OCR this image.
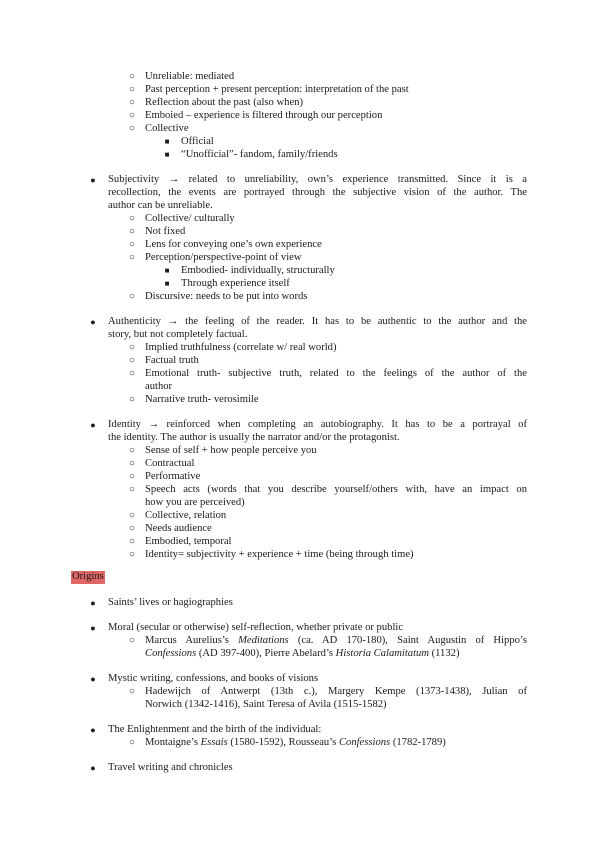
○ Unreliable: mediated
○ Past perception + present perception: interpretation of the past
○ Reflection about the past (also when)
○ Emboied – experience is filtered through our perception
○ Collective
■	Official
■	“Unofficial”- fandom, family/friends
●	Subjectivity → related to unreliability, own’s experience transmitted. Since it is a
recollection, the events are portrayed through the subjective vision of the author. The
author can be unreliable.
○ Collective/ culturally
○ Not fixed
○ Lens for conveying one’s own experience
○ Perception/perspective-point of view
■	Embodied- individually, structurally
■	Through experience itself
○ Discursive: needs to be put into words
●	Authenticity → the feeling of the reader. It has to be authentic to the author and the
story, but not completely factual.
○ Implied truthfulness (correlate w/ real world)
○ Factual truth
○ Emotional truth- subjective truth, related to the feelings of the author of the
author
○ Narrative truth- verosimile
●	Identity → reinforced when completing an autobiography. It has to be a portrayal of
the identity. The author is usually the narrator and/or the protagonist.
○ Sense of self + how people perceive you
○ Contractual
○ Performative
○ Speech acts (words that you describe yourself/others with, have an impact on
how you are perceived)
○ Collective, relation
○ Needs audience
○ Embodied, temporal
○ Identity= subjectivity + experience + time (being through time)
Origins
●	Saints’ lives or hagiographies
●	Moral (secular or otherwise) self-reflection, whether private or public
○ Marcus Aurelius’s Meditations (ca. AD 170-180), Saint Augustin of Hippo’s
Confessions (AD 397-400), Pierre Abelard’s Historia Calamitatum (1132)
●	Mystic writing, confessions, and books of visions
○ Hadewijch of Antwerpt (13th c.), Margery Kempe (1373-1438), Julian of
Norwich (1342-1416), Saint Teresa of Avila (1515-1582)
●	The Enlightenment and the birth of the individual:
○ Montaigne’s Essais (1580-1592), Rousseau’s Confessions (1782-1789)
●	Travel writing and chronicles
